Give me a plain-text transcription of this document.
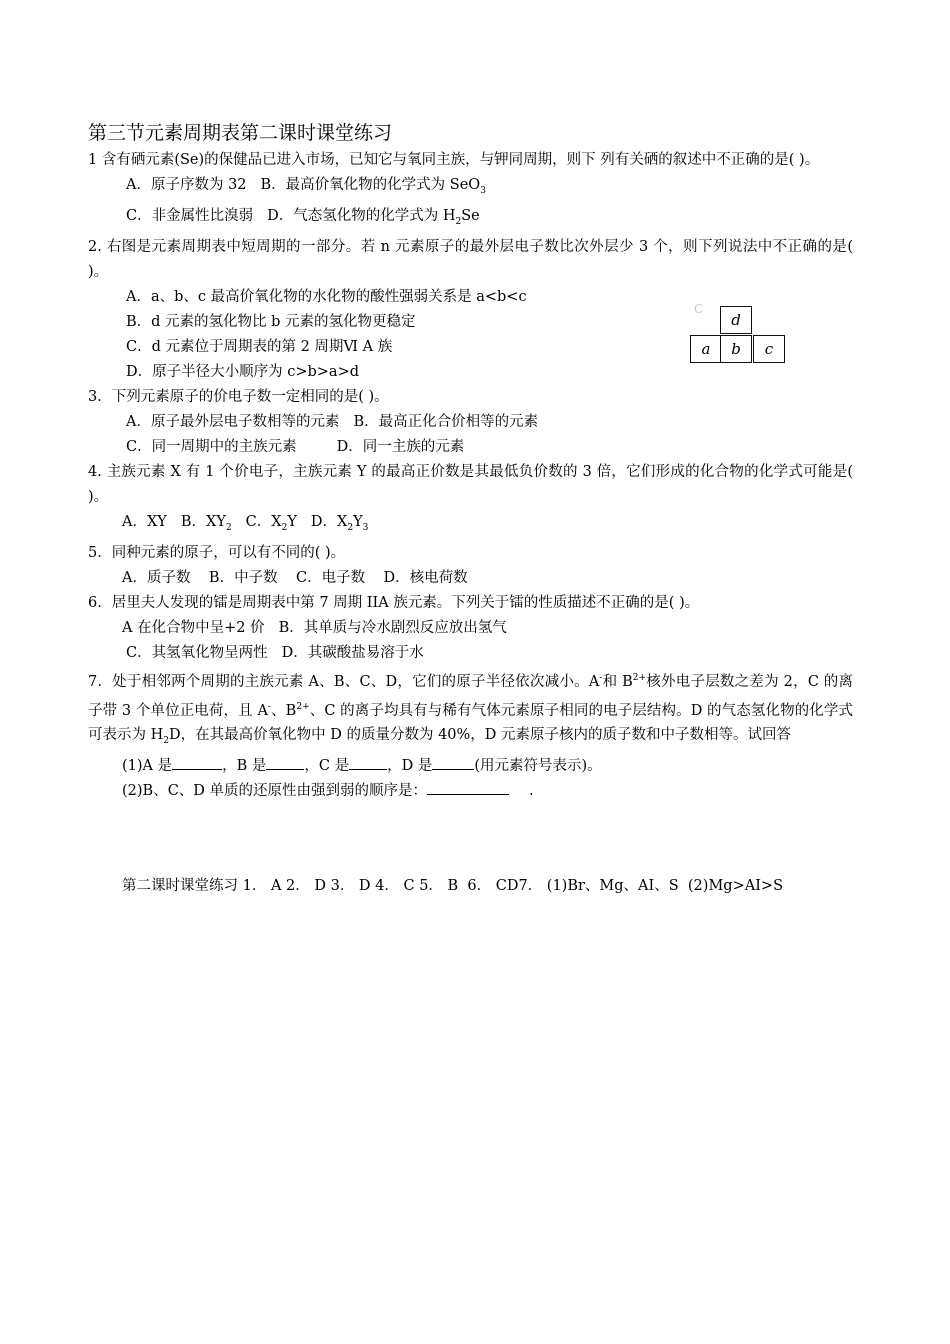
第三节元素周期表第二课时课堂练习

1 含有硒元素(Se)的保健品已进入市场，已知它与氧同主族，与钾同周期，则下 列有关硒的叙述中不正确的是( )。

A．原子序数为 32 B．最高价氧化物的化学式为 SeO$_3$

C．非金属性比溴弱 D．气态氢化物的化学式为 $H_2Se$

2. 右图是元素周期表中短周期的一部分。若 n 元素原子的最外层电子数比次外层少 3 个，则下列说法中不正确的是( )。

A．a、b、c 最高价氧化物的水化物的酸性强弱关系是 a<b<c

B．d 元素的氢化物比 b 元素的氢化物更稳定

C．d 元素位于周期表的第 2 周期Ⅵ A 族

D．原子半径大小顺序为 c>b>a>d

3．下列元素原子的价电子数一定相同的是( )。

A．原子最外层电子数相等的元素 B．最高正化合价相等的元素

C．同一周期中的主族元素	D．同一主族的元素

4. 主族元素 X 有 1 个价电子，主族元素 Y 的最高正价数是其最低负价数的 3 倍，它们形成的化合物的化学式可能是( )。

A．XY B．$XY_2$ C．$X_2Y$ D．$X_2Y_3$

5．同种元素的原子，可以有不同的( )。

A．质子数    B．中子数    C．电子数    D．核电荷数

6．居里夫人发现的镭是周期表中第 7 周期 IIA 族元素。下列关于镭的性质描述不正确的是( )。

A 在化合物中呈+2 价 B．其单质与冷水剧烈反应放出氢气

C．其氢氧化物呈两性 D．其碳酸盐易溶于水

7．处于相邻两个周期的主族元素 A、B、C、D，它们的原子半径依次减小。A-和 $B^{2+}$核外电子层数之差为 2，C 的离子带 3 个单位正电荷，且 A-、$B^{2+}$、C 的离子均具有与稀有气体元素原子相同的电子层结构。D 的气态氢化物的化学式可表示为 $H_2D$，在其最高价氧化物中 D 的质量分数为 40%，D 元素原子核内的质子数和中子数相等。试回答

(1)A 是	，B 是	，C 是	，D 是	(用元素符号表示)。

(2)B、C、D 单质的还原性由强到弱的顺序是：	.

C
d
a	b	c
第二课时课堂练习 1． A 2． D 3． D 4． C 5． B  6． CD7． (1)Br、Mg、AI、S  (2)Mg>AI>S
